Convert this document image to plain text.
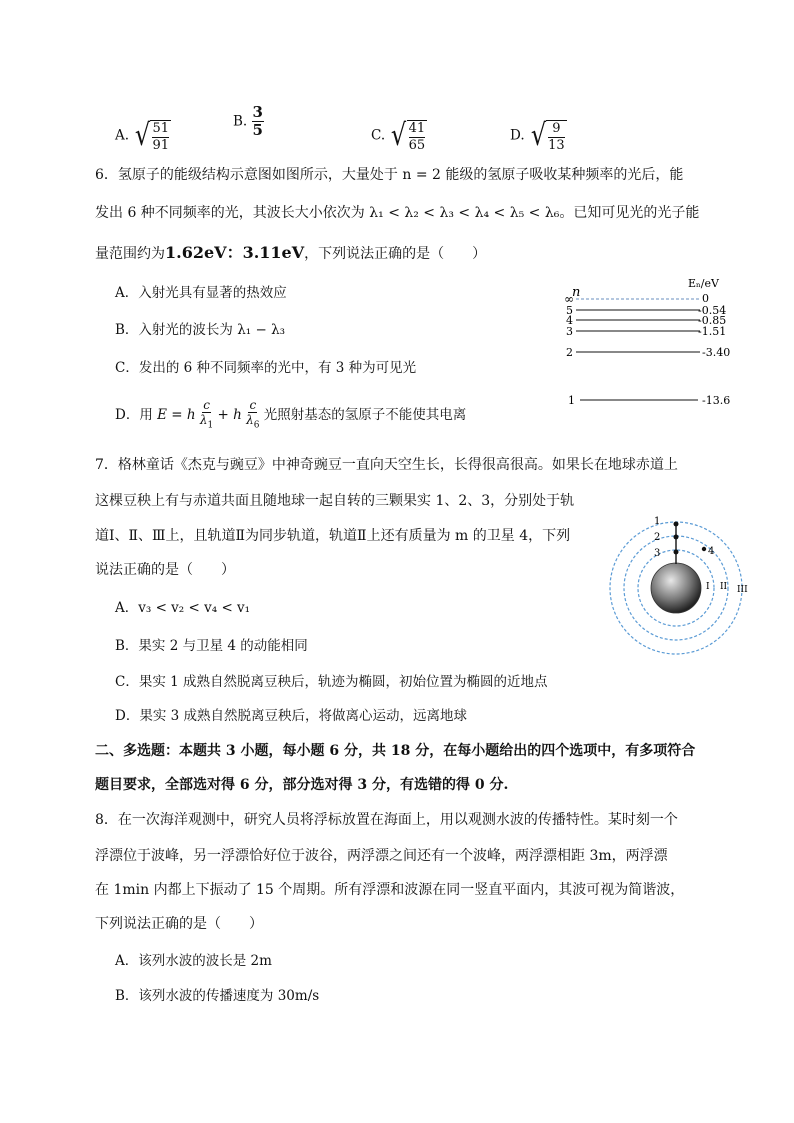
A. √ $\frac{51}{91}$	B. $\frac{3}{5}$	C. √ $\frac{41}{65}$	D. √ $\frac{9}{13}$
6．氢原子的能级结构示意图如图所示，大量处于 n = 2 能级的氢原子吸收某种频率的光后，能
发出 6 种不同频率的光，其波长大小依次为 λ₁ < λ₂ < λ₃ < λ₄ < λ₅ < λ₆。已知可见光的光子能
量范围约为1.62eV：3.11eV，下列说法正确的是（　　）
A．入射光具有显著的热效应
B．入射光的波长为 λ₁ − λ₃
C．发出的 6 种不同频率的光中，有 3 种为可见光
D．用 E = h $\frac{c}{\lambda_1} + h \frac{c}{\lambda_6}$ 光照射基态的氢原子不能使其电离
n
Eₙ/eV
∞	0
5	-0.54
4	-0.85
3	-1.51
2	-3.40
1	-13.6
7．格林童话《杰克与豌豆》中神奇豌豆一直向天空生长，长得很高很高。如果长在地球赤道上
这棵豆秧上有与赤道共面且随地球一起自转的三颗果实 1、2、3，分别处于轨
道Ⅰ、Ⅱ、Ⅲ上，且轨道Ⅱ为同步轨道，轨道Ⅱ上还有质量为 m 的卫星 4，下列
说法正确的是（　　）
A．v₃ < v₂ < v₄ < v₁
B．果实 2 与卫星 4 的动能相同
C．果实 1 成熟自然脱离豆秧后，轨迹为椭圆，初始位置为椭圆的近地点
D．果实 3 成熟自然脱离豆秧后，将做离心运动，远离地球
1
2
3	4
I II III
二、多选题：本题共 3 小题，每小题 6 分，共 18 分，在每小题给出的四个选项中，有多项符合
题目要求，全部选对得 6 分，部分选对得 3 分，有选错的得 0 分.
8．在一次海洋观测中，研究人员将浮标放置在海面上，用以观测水波的传播特性。某时刻一个
浮漂位于波峰，另一浮漂恰好位于波谷，两浮漂之间还有一个波峰，两浮漂相距 3m，两浮漂
在 1min 内都上下振动了 15 个周期。所有浮漂和波源在同一竖直平面内，其波可视为简谐波，
下列说法正确的是（　　）
A．该列水波的波长是 2m
B．该列水波的传播速度为 30m/s
